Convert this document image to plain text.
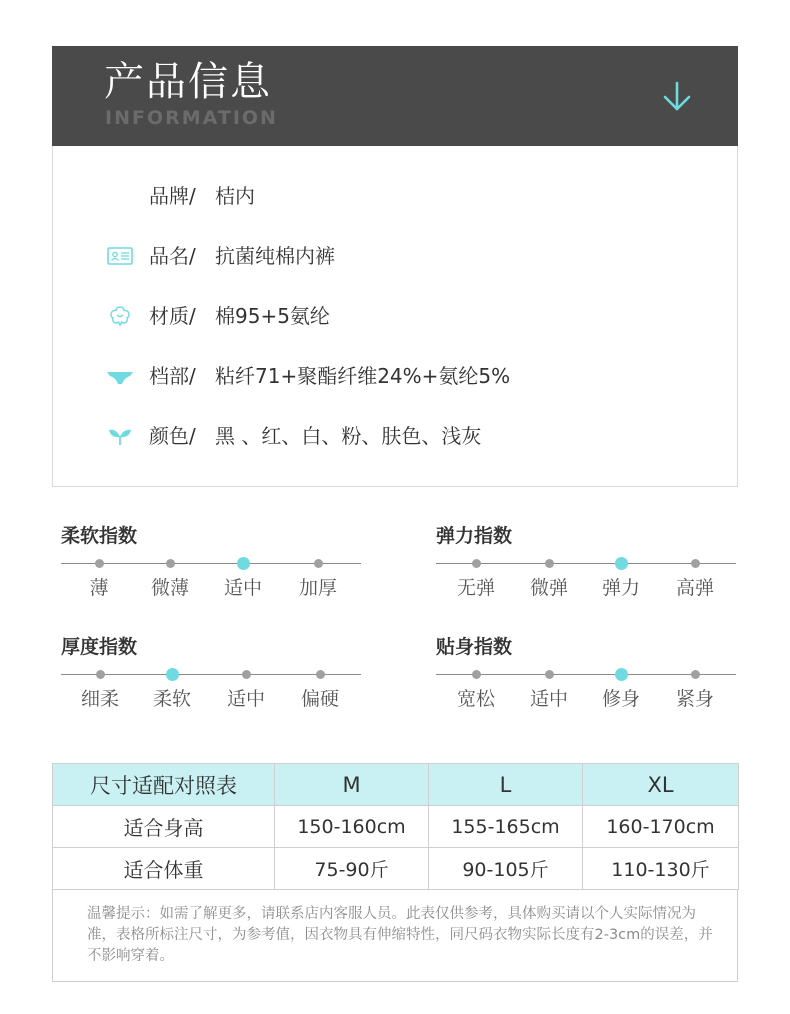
产品信息
INFORMATION
品牌/ 桔内
品名/ 抗菌纯棉内裤
材质/ 棉95+5氨纶
档部/ 粘纤71+聚酯纤维24%+氨纶5%
颜色/ 黑 、红、白、粉、肤色、浅灰
柔软指数
薄	微薄	适中	加厚
弹力指数
无弹	微弹	弹力	高弹
厚度指数
细柔	柔软	适中	偏硬
贴身指数
宽松	适中	修身	紧身
尺寸适配对照表	M	L	XL
适合身高	150-160cm	155-165cm	160-170cm
适合体重	75-90斤	90-105斤	110-130斤
温馨提示：如需了解更多，请联系店内客服人员。此表仅供参考，具体购买请以个人实际情况为准，表格所标注尺寸，为参考值，因衣物具有伸缩特性，同尺码衣物实际长度有2-3cm的误差，并不影响穿着。
